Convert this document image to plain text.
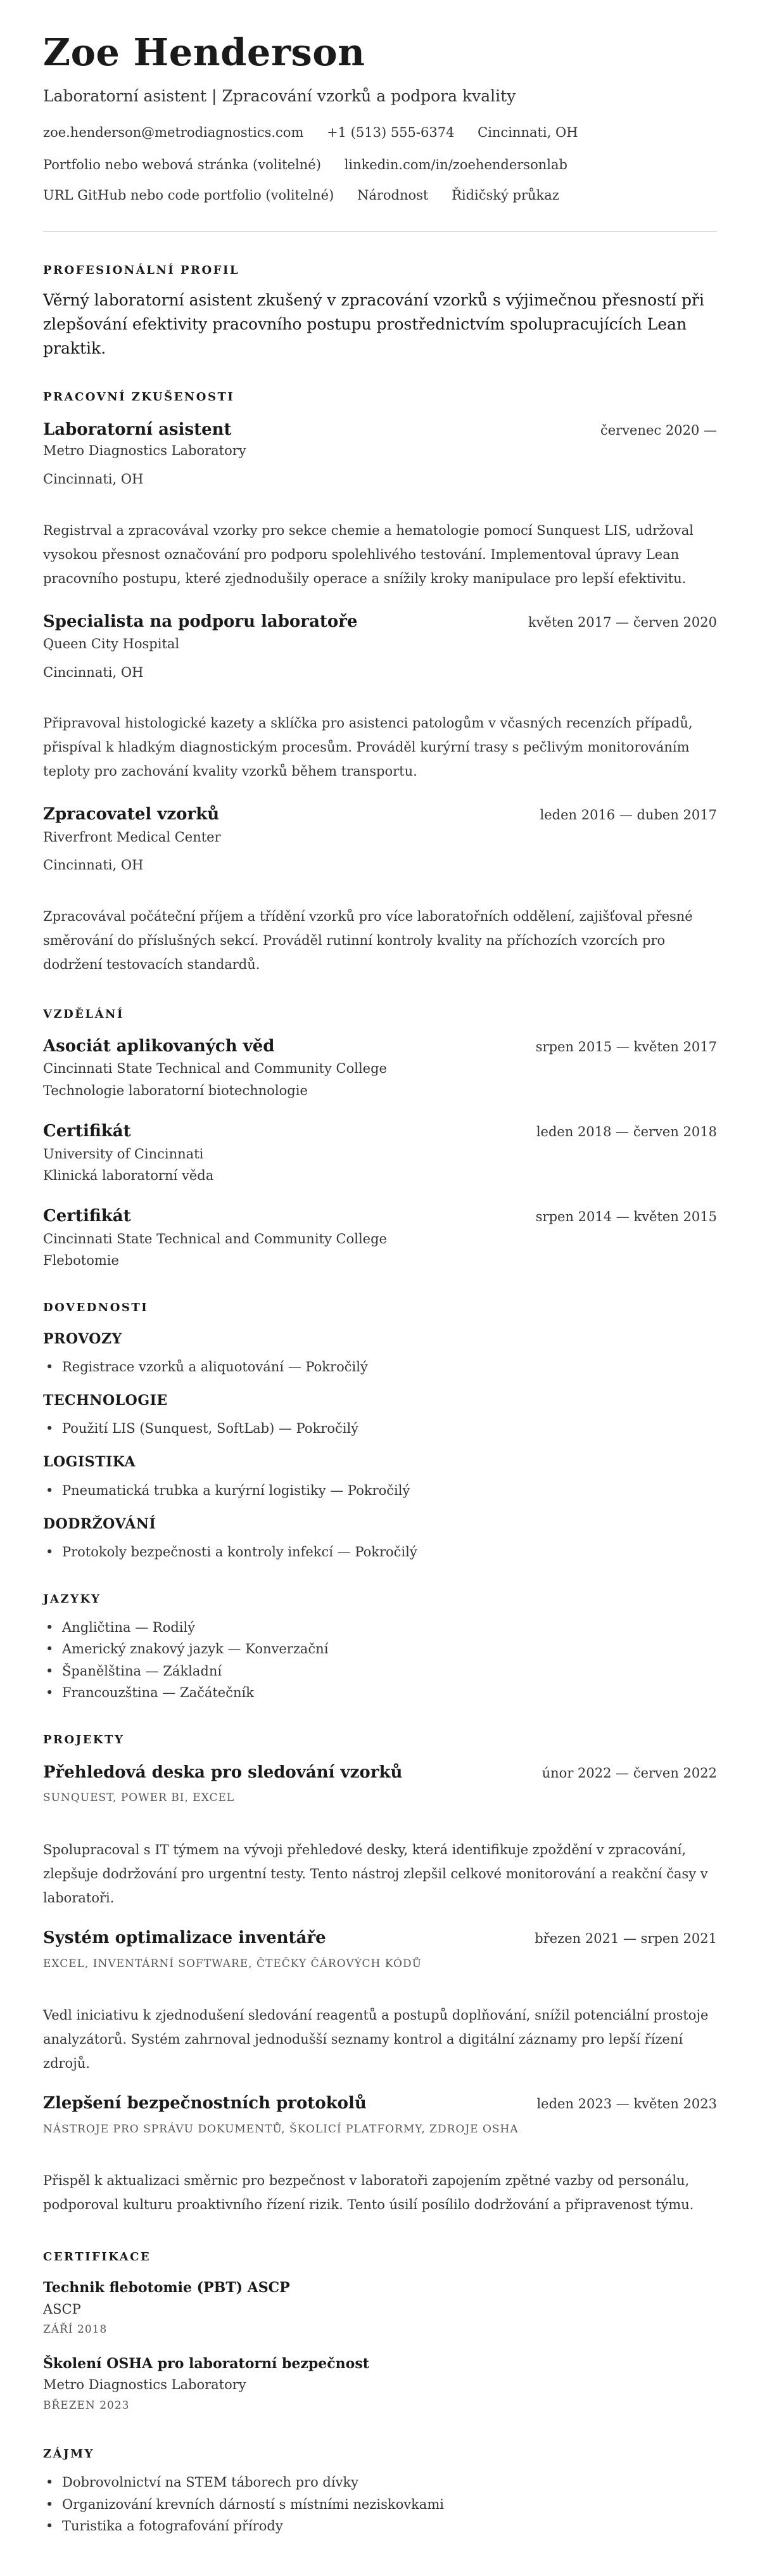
Zoe Henderson
Laboratorní asistent | Zpracování vzorků a podpora kvality
zoe.henderson@metrodiagnostics.com +1 (513) 555-6374 Cincinnati, OH
Portfolio nebo webová stránka (volitelné) linkedin.com/in/zoehendersonlab
URL GitHub nebo code portfolio (volitelné) Národnost Řidičský průkaz
PROFESIONÁLNÍ PROFIL
Věrný laboratorní asistent zkušený v zpracování vzorků s výjimečnou přesností při zlepšování efektivity pracovního postupu prostřednictvím spolupracujících Lean praktik.
PRACOVNÍ ZKUŠENOSTI
Laboratorní asistent	červenec 2020 —
Metro Diagnostics Laboratory
Cincinnati, OH
Registrval a zpracovával vzorky pro sekce chemie a hematologie pomocí Sunquest LIS, udržoval vysokou přesnost označování pro podporu spolehlivého testování. Implementoval úpravy Lean pracovního postupu, které zjednodušily operace a snížily kroky manipulace pro lepší efektivitu.
Specialista na podporu laboratoře	květen 2017 — červen 2020
Queen City Hospital
Cincinnati, OH
Připravoval histologické kazety a sklíčka pro asistenci patologům v včasných recenzích případů, přispíval k hladkým diagnostickým procesům. Prováděl kurýrní trasy s pečlivým monitorováním teploty pro zachování kvality vzorků během transportu.
Zpracovatel vzorků	leden 2016 — duben 2017
Riverfront Medical Center
Cincinnati, OH
Zpracovával počáteční příjem a třídění vzorků pro více laboratořních oddělení, zajišťoval přesné směrování do příslušných sekcí. Prováděl rutinní kontroly kvality na příchozích vzorcích pro dodržení testovacích standardů.
VZDĚLÁNÍ
Asociát aplikovaných věd	srpen 2015 — květen 2017
Cincinnati State Technical and Community College
Technologie laboratorní biotechnologie
Certifikát	leden 2018 — červen 2018
University of Cincinnati
Klinická laboratorní věda
Certifikát	srpen 2014 — květen 2015
Cincinnati State Technical and Community College
Flebotomie
DOVEDNOSTI
PROVOZY
• Registrace vzorků a aliquotování — Pokročilý
TECHNOLOGIE
• Použití LIS (Sunquest, SoftLab) — Pokročilý
LOGISTIKA
• Pneumatická trubka a kurýrní logistiky — Pokročilý
DODRŽOVÁNÍ
• Protokoly bezpečnosti a kontroly infekcí — Pokročilý
JAZYKY
• Angličtina — Rodilý
• Americký znakový jazyk — Konverzační
• Španělština — Základní
• Francouzština — Začátečník
PROJEKTY
Přehledová deska pro sledování vzorků	únor 2022 — červen 2022
SUNQUEST, POWER BI, EXCEL
Spolupracoval s IT týmem na vývoji přehledové desky, která identifikuje zpoždění v zpracování, zlepšuje dodržování pro urgentní testy. Tento nástroj zlepšil celkové monitorování a reakční časy v laboratoři.
Systém optimalizace inventáře	březen 2021 — srpen 2021
EXCEL, INVENTÁRNÍ SOFTWARE, ČTEČKY ČÁROVÝCH KÓDŮ
Vedl iniciativu k zjednodušení sledování reagentů a postupů doplňování, snížil potenciální prostoje analyzátorů. Systém zahrnoval jednodušší seznamy kontrol a digitální záznamy pro lepší řízení zdrojů.
Zlepšení bezpečnostních protokolů	leden 2023 — květen 2023
NÁSTROJE PRO SPRÁVU DOKUMENTŮ, ŠKOLICÍ PLATFORMY, ZDROJE OSHA
Přispěl k aktualizaci směrnic pro bezpečnost v laboratoři zapojením zpětné vazby od personálu, podporoval kulturu proaktivního řízení rizik. Tento úsilí posílilo dodržování a připravenost týmu.
CERTIFIKACE
Technik flebotomie (PBT) ASCP
ASCP
ZÁŘÍ 2018
Školení OSHA pro laboratorní bezpečnost
Metro Diagnostics Laboratory
BŘEZEN 2023
ZÁJMY
• Dobrovolnictví na STEM táborech pro dívky
• Organizování krevních dárností s místními neziskovkami
• Turistika a fotografování přírody
